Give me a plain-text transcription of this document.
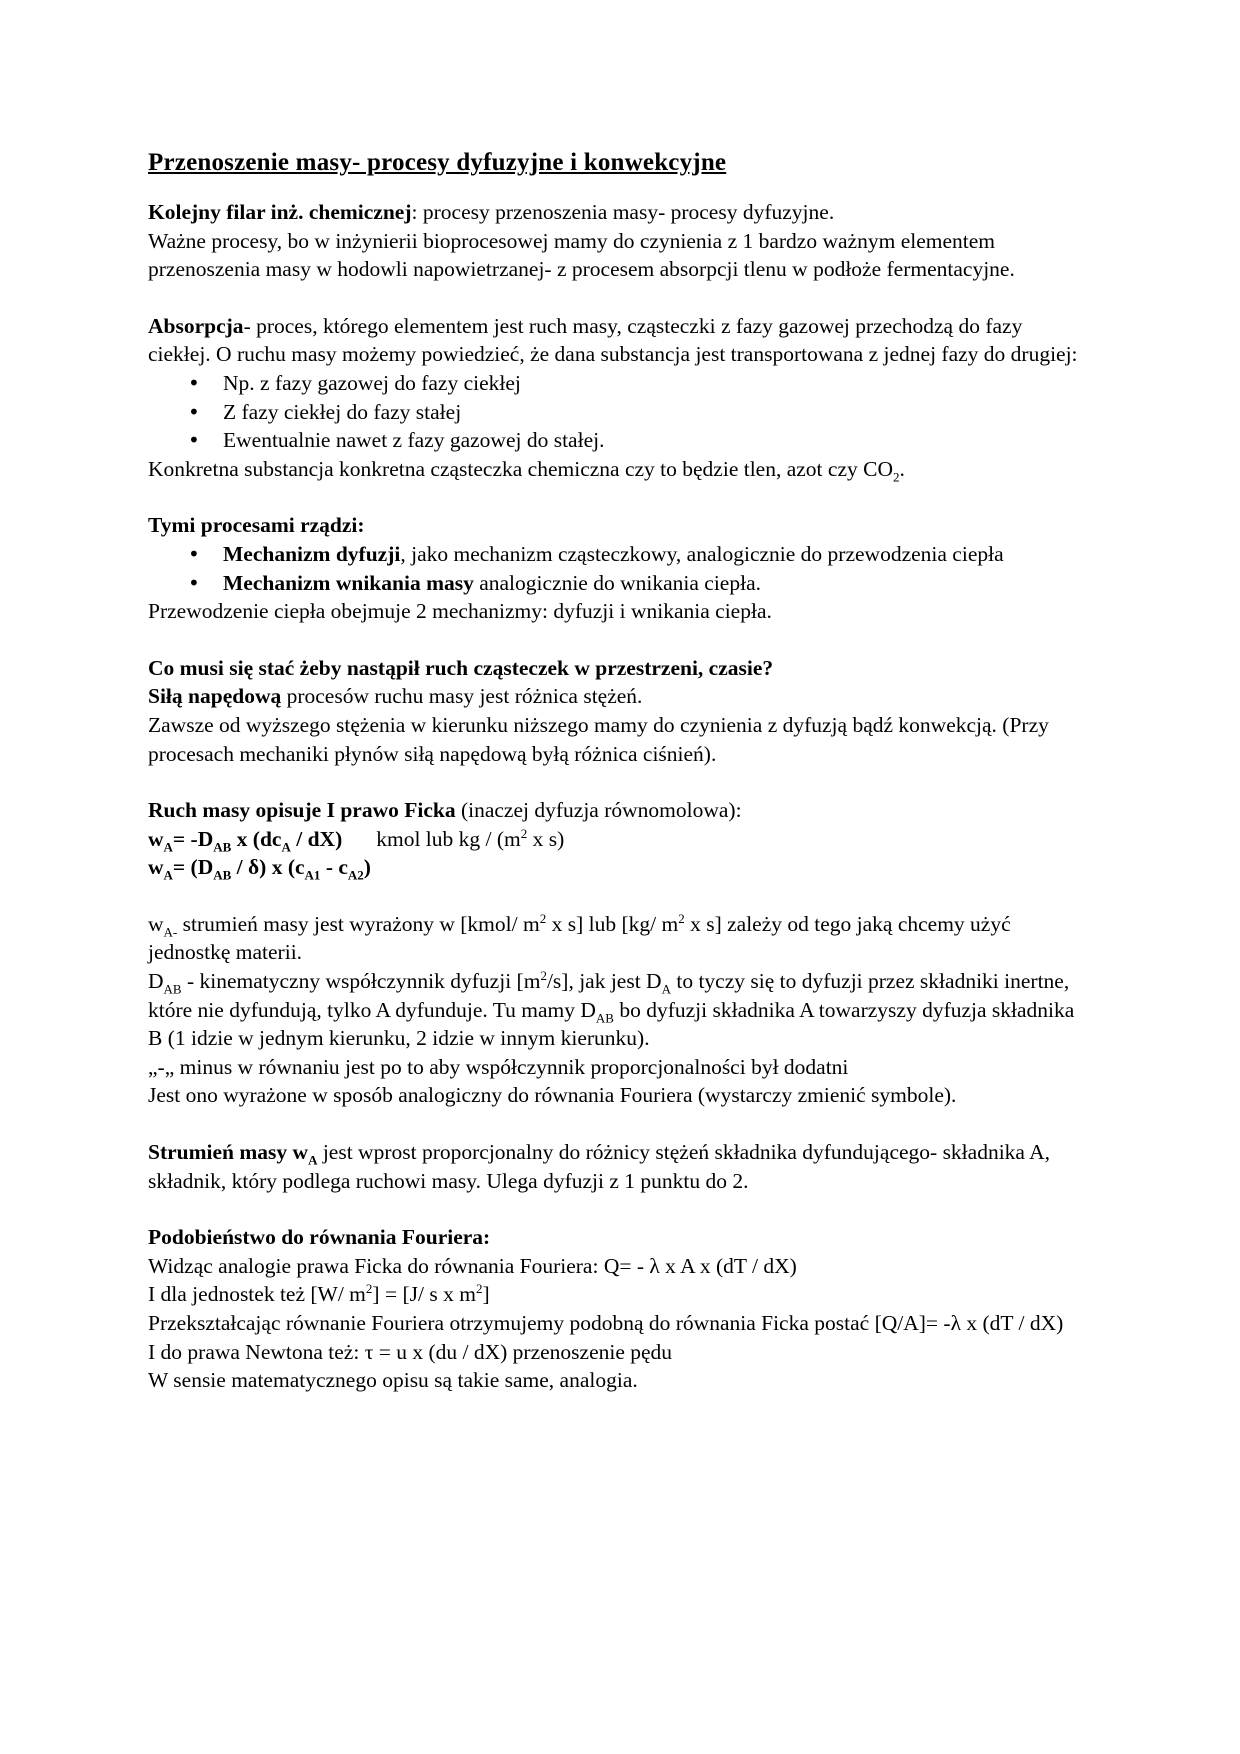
Przenoszenie masy- procesy dyfuzyjne i konwekcyjne

Kolejny filar inż. chemicznej: procesy przenoszenia masy- procesy dyfuzyjne.

Ważne procesy, bo w inżynierii bioprocesowej mamy do czynienia z 1 bardzo ważnym elementem przenoszenia masy w hodowli napowietrzanej- z procesem absorpcji tlenu w podłoże fermentacyjne.

Absorpcja- proces, którego elementem jest ruch masy, cząsteczki z fazy gazowej przechodzą do fazy ciekłej. O ruchu masy możemy powiedzieć, że dana substancja jest transportowana z jednej fazy do drugiej:

• Np. z fazy gazowej do fazy ciekłej
• Z fazy ciekłej do fazy stałej
• Ewentualnie nawet z fazy gazowej do stałej.

Konkretna substancja konkretna cząsteczka chemiczna czy to będzie tlen, azot czy $CO_2$.

Tymi procesami rządzi:

• Mechanizm dyfuzji, jako mechanizm cząsteczkowy, analogicznie do przewodzenia ciepła
• Mechanizm wnikania masy analogicznie do wnikania ciepła.

Przewodzenie ciepła obejmuje 2 mechanizmy: dyfuzji i wnikania ciepła.

Co musi się stać żeby nastąpił ruch cząsteczek w przestrzeni, czasie?

Siłą napędową procesów ruchu masy jest różnica stężeń.

Zawsze od wyższego stężenia w kierunku niższego mamy do czynienia z dyfuzją bądź konwekcją. (Przy procesach mechaniki płynów siłą napędową byłą różnica ciśnień).

Ruch masy opisuje I prawo Ficka (inaczej dyfuzja równomolowa):

$w_A= -D_{AB}$ x $(dc_A / dX)$ kmol lub kg / ($m^2$ x s)

$w_A= (D_{AB} / \delta)$ x $(c_{A1} - c_{A2})$

$w_{A-}$ strumień masy jest wyrażony w [kmol/ $m^2$ x s] lub [kg/ $m^2$ x s] zależy od tego jaką chcemy użyć jednostkę materii.

$D_{AB}$ - kinematyczny współczynnik dyfuzji $[m^2/s]$, jak jest $D_A$ to tyczy się to dyfuzji przez składniki inertne, które nie dyfundują, tylko A dyfunduje. Tu mamy $D_{AB}$ bo dyfuzji składnika A towarzyszy dyfuzja składnika B (1 idzie w jednym kierunku, 2 idzie w innym kierunku).

„-„ minus w równaniu jest po to aby współczynnik proporcjonalności był dodatni

Jest ono wyrażone w sposób analogiczny do równania Fouriera (wystarczy zmienić symbole).

Strumień masy $w_A$ jest wprost proporcjonalny do różnicy stężeń składnika dyfundującego- składnika A, składnik, który podlega ruchowi masy. Ulega dyfuzji z 1 punktu do 2.

Podobieństwo do równania Fouriera:

Widząc analogie prawa Ficka do równania Fouriera: Q= - λ x A x (dT / dX)

I dla jednostek też [W/ $m^2] = [J/$ s x $m^2$]

Przekształcając równanie Fouriera otrzymujemy podobną do równania Ficka postać [Q/A]= -λ x (dT / dX)

I do prawa Newtona też: τ = u x (du / dX) przenoszenie pędu

W sensie matematycznego opisu są takie same, analogia.
